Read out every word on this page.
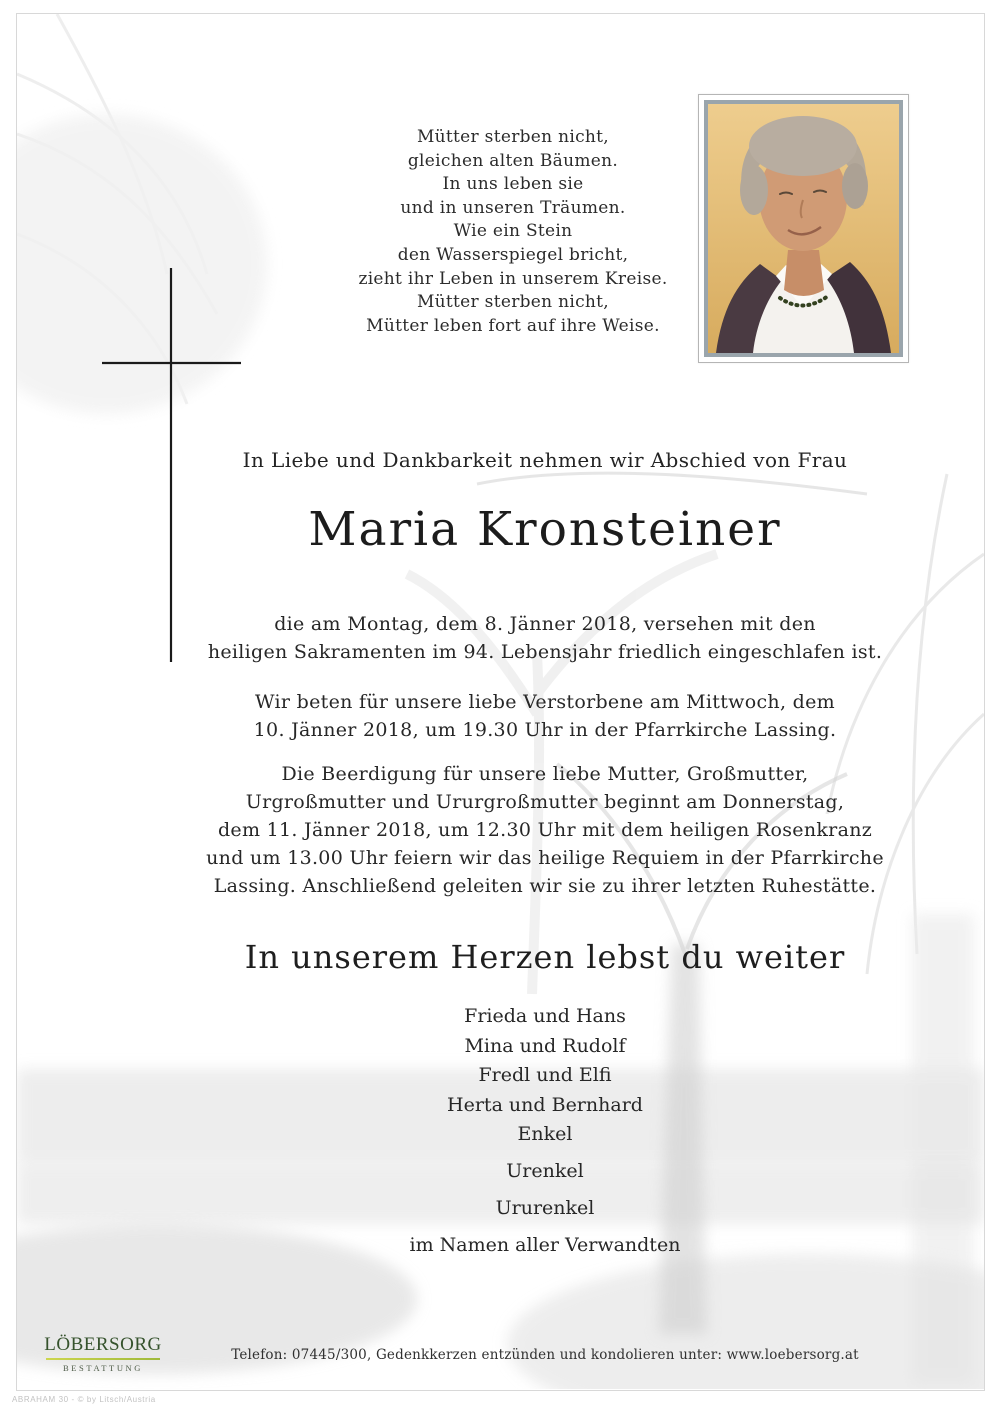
Mütter sterben nicht,
gleichen alten Bäumen.
In uns leben sie
und in unseren Träumen.
Wie ein Stein
den Wasserspiegel bricht,
zieht ihr Leben in unserem Kreise.
Mütter sterben nicht,
Mütter leben fort auf ihre Weise.
In Liebe und Dankbarkeit nehmen wir Abschied von Frau
Maria Kronsteiner
die am Montag, dem 8. Jänner 2018, versehen mit den
heiligen Sakramenten im 94. Lebensjahr friedlich eingeschlafen ist.
Wir beten für unsere liebe Verstorbene am Mittwoch, dem
10. Jänner 2018, um 19.30 Uhr in der Pfarrkirche Lassing.
Die Beerdigung für unsere liebe Mutter, Großmutter,
Urgroßmutter und Ururgroßmutter beginnt am Donnerstag,
dem 11. Jänner 2018, um 12.30 Uhr mit dem heiligen Rosenkranz
und um 13.00 Uhr feiern wir das heilige Requiem in der Pfarrkirche
Lassing. Anschließend geleiten wir sie zu ihrer letzten Ruhestätte.
In unserem Herzen lebst du weiter
Frieda und Hans
Mina und Rudolf
Fredl und Elfi
Herta und Bernhard
Enkel
Urenkel
Ururenkel
im Namen aller Verwandten
LÖBERSORG
BESTATTUNG
Telefon: 07445/300, Gedenkkerzen entzünden und kondolieren unter: www.loebersorg.at
ABRAHAM 30 - © by Litsch/Austria
